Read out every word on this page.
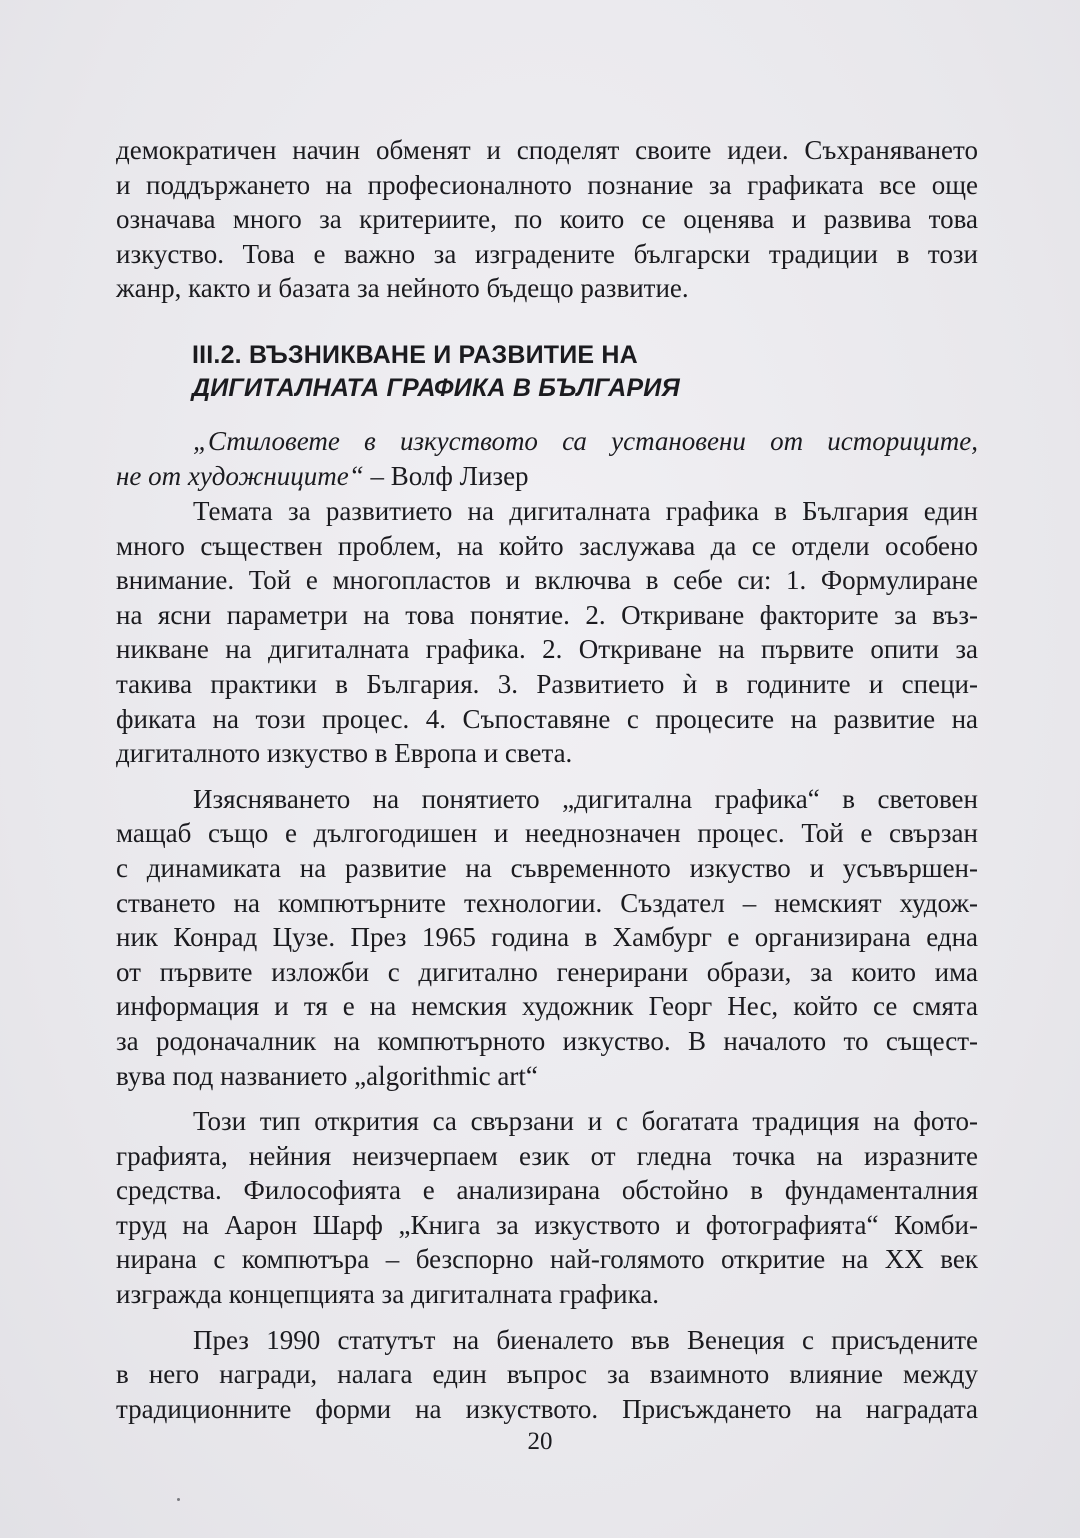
демократичен начин обменят и споделят своите идеи. Съхраняването
и поддържането на професионалното познание за графиката все още
означава много за критериите, по които се оценява и развива това
изкуство. Това е важно за изградените български традиции в този
жанр, както и базата за нейното бъдещо развитие.
III.2. ВЪЗНИКВАНЕ И РАЗВИТИЕ НА
ДИГИТАЛНАТА ГРАФИКА В БЪЛГАРИЯ
„Стиловете в изкуството са установени от историците,
не от художниците“ – Волф Лизер
Темата за развитието на дигиталната графика в България един
много съществен проблем, на който заслужава да се отдели особено
внимание. Той е многопластов и включва в себе си: 1. Формулиране
на ясни параметри на това понятие. 2. Откриване факторите за въз-
никване на дигиталната графика. 2. Откриване на първите опити за
такива практики в България. 3. Развитието ѝ в годините и специ-
фиката на този процес. 4. Съпоставяне с процесите на развитие на
дигиталното изкуство в Европа и света.
Изясняването на понятието „дигитална графика“ в световен
мащаб също е дългогодишен и нееднозначен процес. Той е свързан
с динамиката на развитие на съвременното изкуство и усъвършен-
стването на компютърните технологии. Създател – немският худож-
ник Конрад Цузе. През 1965 година в Хамбург е организирана една
от първите изложби с дигитално генерирани образи, за които има
информация и тя е на немския художник Георг Нес, който се смята
за родоначалник на компютърното изкуство. В началото то същест-
вува под названието „algorithmic art“
Този тип открития са свързани и с богатата традиция на фото-
графията, нейния неизчерпаем език от гледна точка на изразните
средства. Философията е анализирана обстойно в фундаменталния
труд на Аарон Шарф „Книга за изкуството и фотографията“ Комби-
нирана с компютъра – безспорно най-голямото откритие на XX век
изгражда концепцията за дигиталната графика.
През 1990 статутът на биеналето във Венеция с присъдените
в него награди, налага един въпрос за взаимното влияние между
традиционните форми на изкуството. Присъждането на наградата
20
